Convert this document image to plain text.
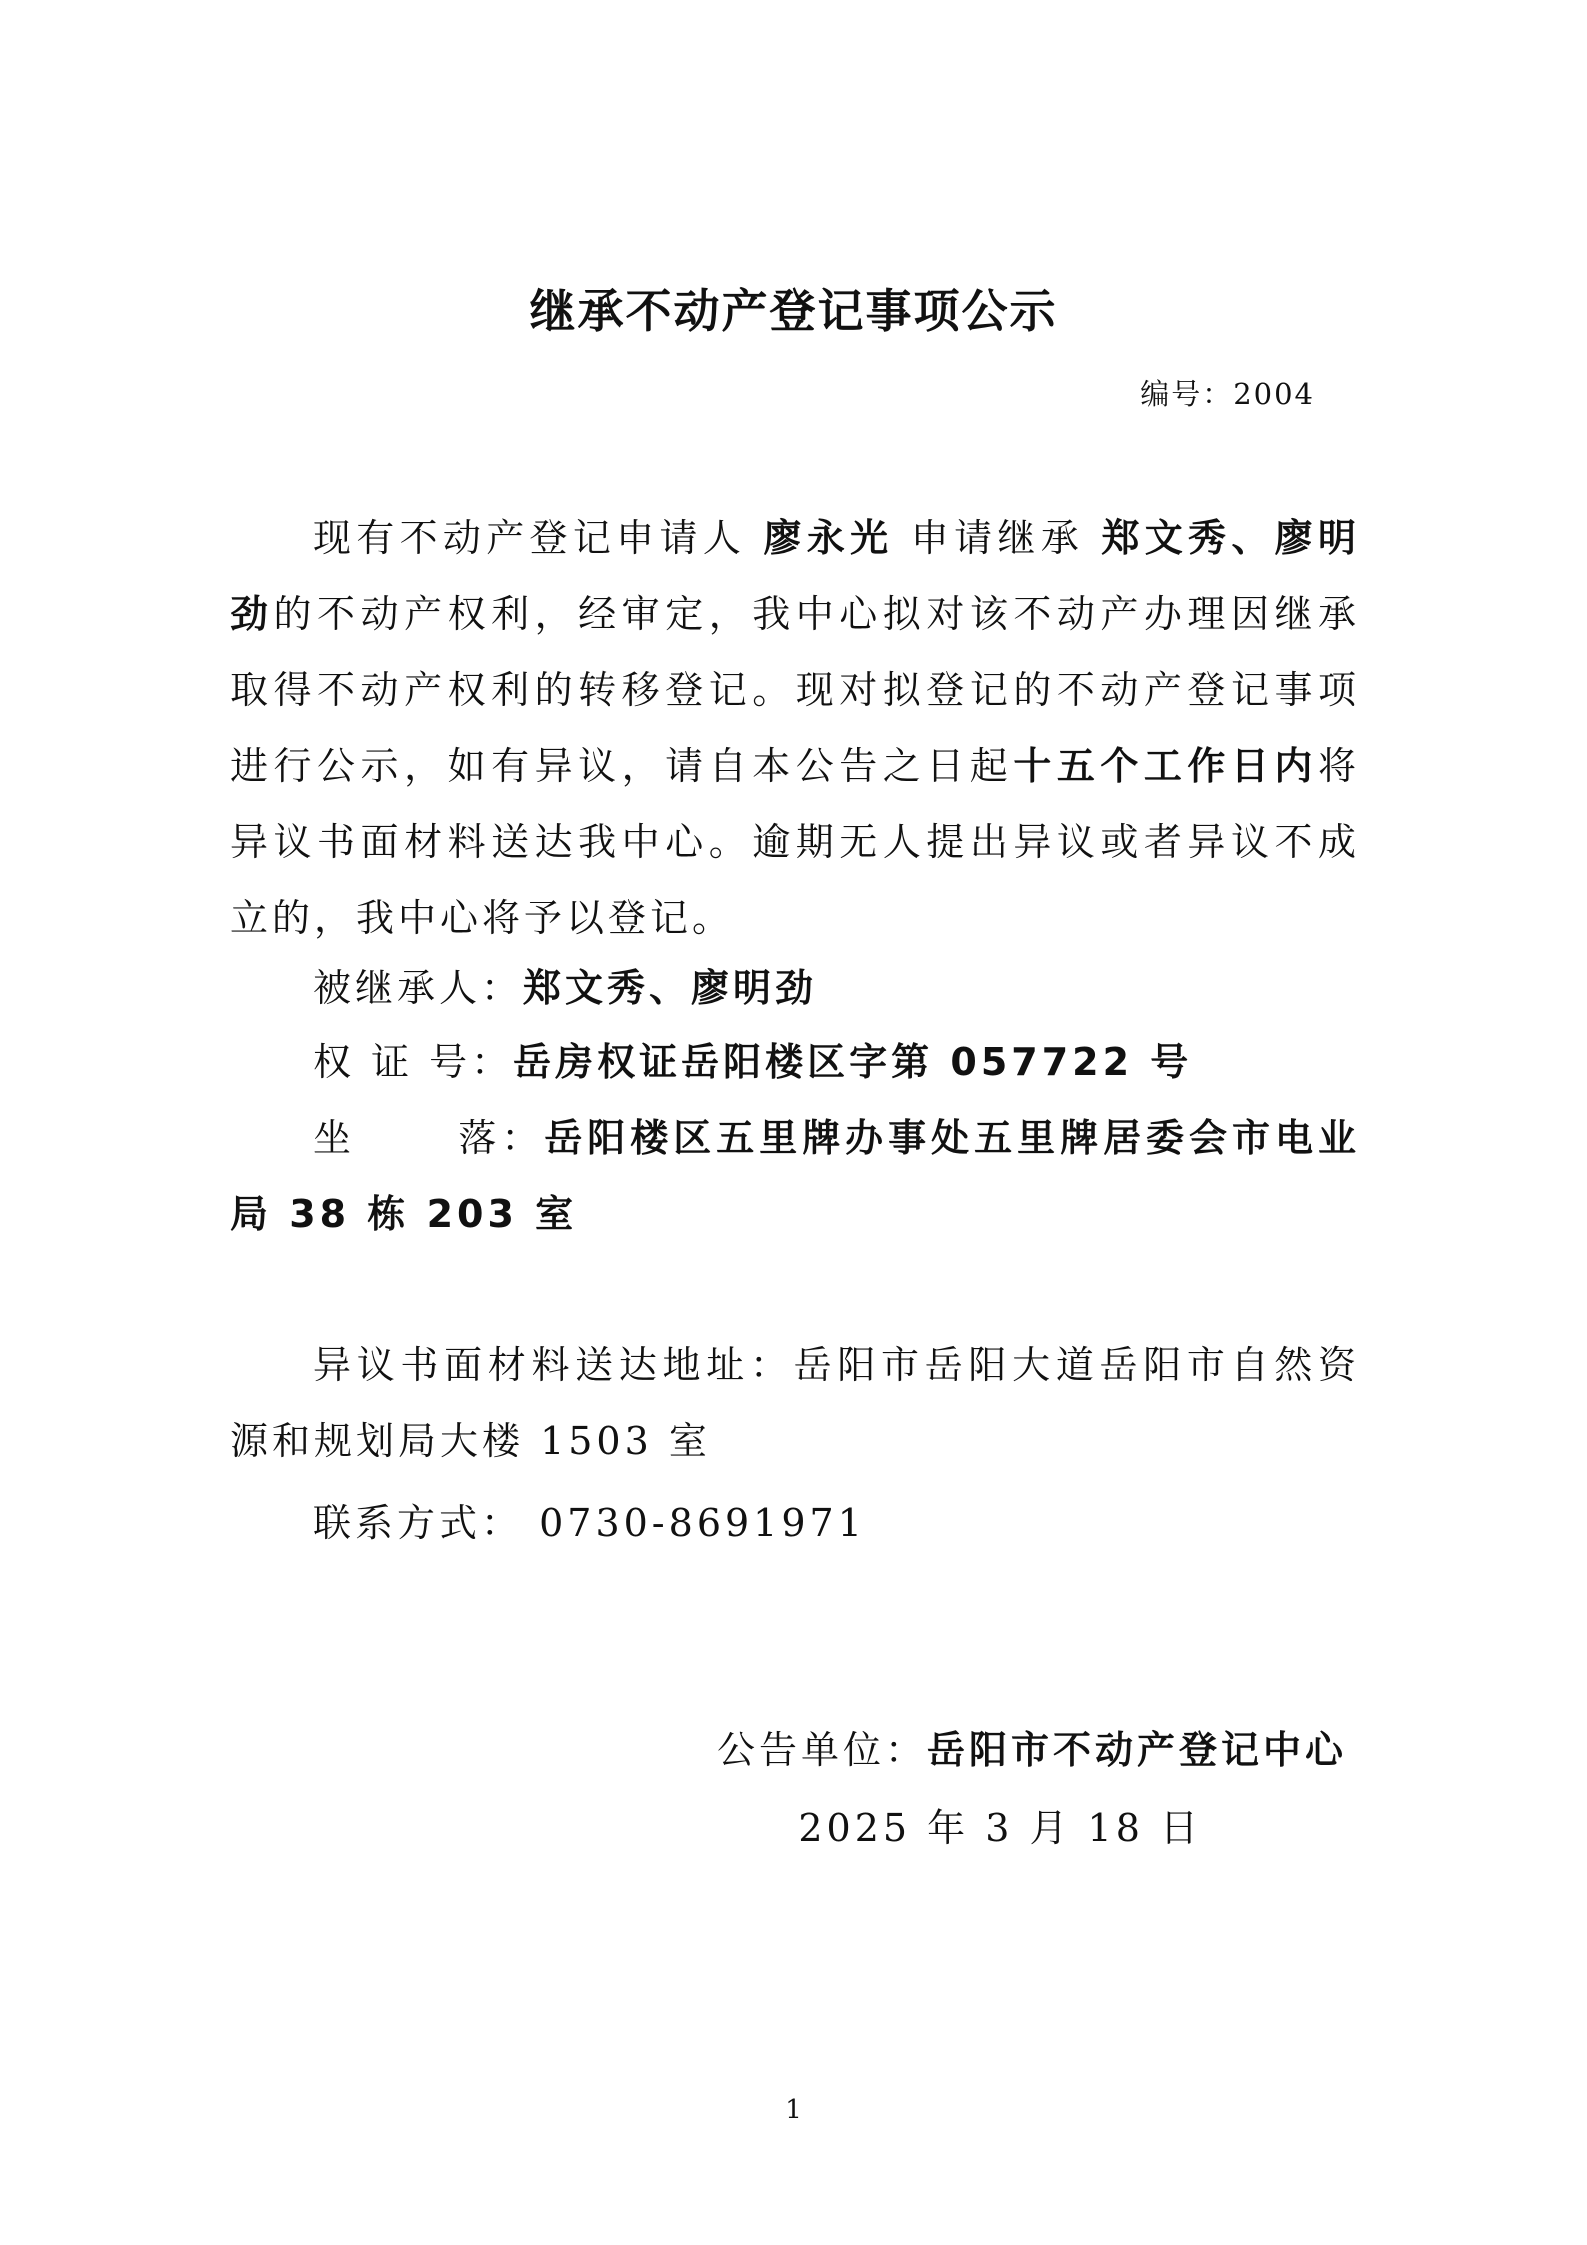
继承不动产登记事项公示
编号：2004
现有不动产登记申请人 廖永光 申请继承 郑文秀、廖明劲的不动产权利，经审定，我中心拟对该不动产办理因继承取得不动产权利的转移登记。现对拟登记的不动产登记事项进行公示，如有异议，请自本公告之日起十五个工作日内将异议书面材料送达我中心。逾期无人提出异议或者异议不成立的，我中心将予以登记。
被继承人：郑文秀、廖明劲
权 证 号：岳房权证岳阳楼区字第 057722 号
坐      落：岳阳楼区五里牌办事处五里牌居委会市电业局 38 栋 203 室
异议书面材料送达地址：岳阳市岳阳大道岳阳市自然资源和规划局大楼 1503 室
联系方式： 0730-8691971
公告单位：岳阳市不动产登记中心
2025 年 3 月 18 日
1
